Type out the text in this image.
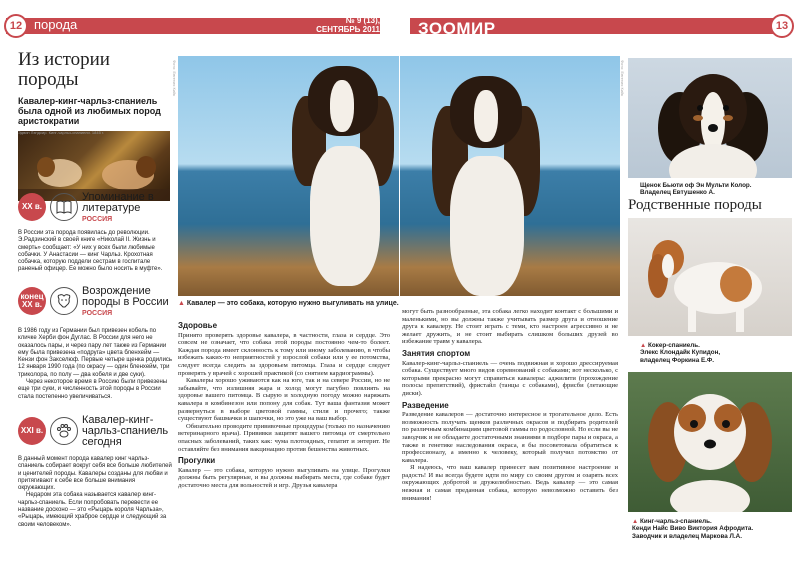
12 порода	№ 9 (13),
СЕНТЯБРЬ 2011
МОЙ
ЗООМИР	13
Из истории породы
Кавалер-кинг-чарльз-спаниель была одной из любимых пород аристократии
Эдвин Лэндсир. Кинг-чарльз-спаниели. 1845 г.
XX в.
Упоминание в литературе
РОССИЯ

В России эта порода появилась до революции. Э.Радзинский в своей книге «Николай II. Жизнь и смерть» сообщает: «У них у всех были любимые собачки. У Анастасии — кинг Чарльз. Крохотная собачка, которую поддели сестрам в госпитале раненый офицер. Ее можно было носить в муфте».

конец XX в.
Возрождение породы в России
РОССИЯ

В 1986 году из Германии был привезен кобель по кличке Херби фон Дуглас. В России для него не оказалось пары, и через пару лет также из Германии ему была привезена «подруга» цвета бленхейм — Кензи фон Закселюф. Первые четыре щенка родились 12 января 1990 года (по окрасу — один бленхейм, три триколора, по полу — два кобеля и две суки).

Через некоторое время в Россию были привезены еще три суки, и численность этой породы в России стала постепенно увеличиваться.

XXI в.
Кавалер-кинг-чарльз-спаниель сегодня

В данный момент порода кавалер кинг чарльз-спаниель собирает вокруг себя все больше любителей и ценителей породы. Кавалеры созданы для любви и притягивают к себе все больше внимания окружающих.

Недаром эта собака называется кавалер кинг-чарльз-спаниель. Если попробовать перевести ее название досконо — это «Рыцарь короля Чарльза», «Рыцарь, имеющий храброе сердце и следующий за своим человеком».

Фото: Евгения Кийк
▲ Кавалер — это собака, которую нужно выгуливать на улице.
Здоровье

Принято проверять здоровье кавалера, в частности, глаза и сердце. Это совсем не означает, что собака этой породы постоянно чем-то болеет. Каждая порода имеет склонность к тому или иному заболеванию, в чтобы избежать каких-то неприятностей у взрослой собаки или у ее потомства, следует всегда следить за здоровьем питомца. Глаза и сердце следует проверять у врачей с хорошей практикой (со снятием кардиограммы).

Кавалеры хорошо уживаются как на юге, так и на севере России, но не забывайте, что излишняя жара и холод могут пагубно повлиять на здоровье вашего питомца. В сырую и холодную погоду можно наряжать кавалера в комбинезон или попону для собак. Тут ваша фантазия может развернуться в выборе цветовой гаммы, стиля и прочего; также существуют башмачки и шапочки, но это уже на ваш выбор.

Обязательно проводите прививочные процедуры (только по назначению ветеринарного врача). Прививки защитят вашего питомца от смертельно опасных заболеваний, таких как: чума плотоядных, гепатит и энтерит. Не оставляйте без внимания вакцинацию против бешенства животных.

Прогулки

Кавалер — это собака, которую нужно выгуливать на улице. Прогулки должны быть регулярные, и вы должны выбирать места, где собаке будет достаточно места для вольностей и игр. Друзья кавалера

могут быть разнообразные, эта собака легко находит контакт с большими и маленькими, но вы должны также учитывать размер друга и отношение друга к кавалеру. Не стоит играть с теми, кто настроен агрессивно и не желает дружить, и не стоит выбирать слишком больших друзей во избежание травм у кавалера.

Занятия спортом

Кавалер-кинг-чарльз-спаниель — очень подвижная и хорошо дрессируемая собака. Существует много видов соревнований с собаками; вот несколько, с которыми прекрасно могут справиться кавалеры: аджилити (прохождение полосы препятствий), фристайл (танцы с собаками), фрисби (летающие диски).

Разведение

Разведение кавалеров — достаточно интересное и трогательное дело. Есть возможность получать щенков различных окрасов и подбирать родителей по различным комбинациям цветовой гаммы по родословной. Но если вы не заводчик и не обладаете достаточными знаниями в подборе пары и окраса, а также в генетике наследования окраса, я бы посоветовала обратиться к профессионалу, а именно к человеку, который получил потомство от кавалера.

Я надеюсь, что ваш кавалер принесет вам позитивное настроение и радость! И вы всегда будете идти по миру со своим другом и озарять всех окружающих добротой и дружелюбностью. Ведь кавалер — это самая нежная и самая преданная собака, которую невозможно оставить без внимания!

Фото: Евгения Кийк
Щенок Бьюти оф Эн Мульти Колор.
Владелец Евтушенко А.
Родственные породы
▲ Кокер-спаниель.
Элекс Клондайк Купидон,
владелец Форкина Е.Ф.
▲ Кинг-чарльз-спаниель.
Кенди Найс Виво Виктория Афродита.
Заводчик и владелец Маркова Л.А.
